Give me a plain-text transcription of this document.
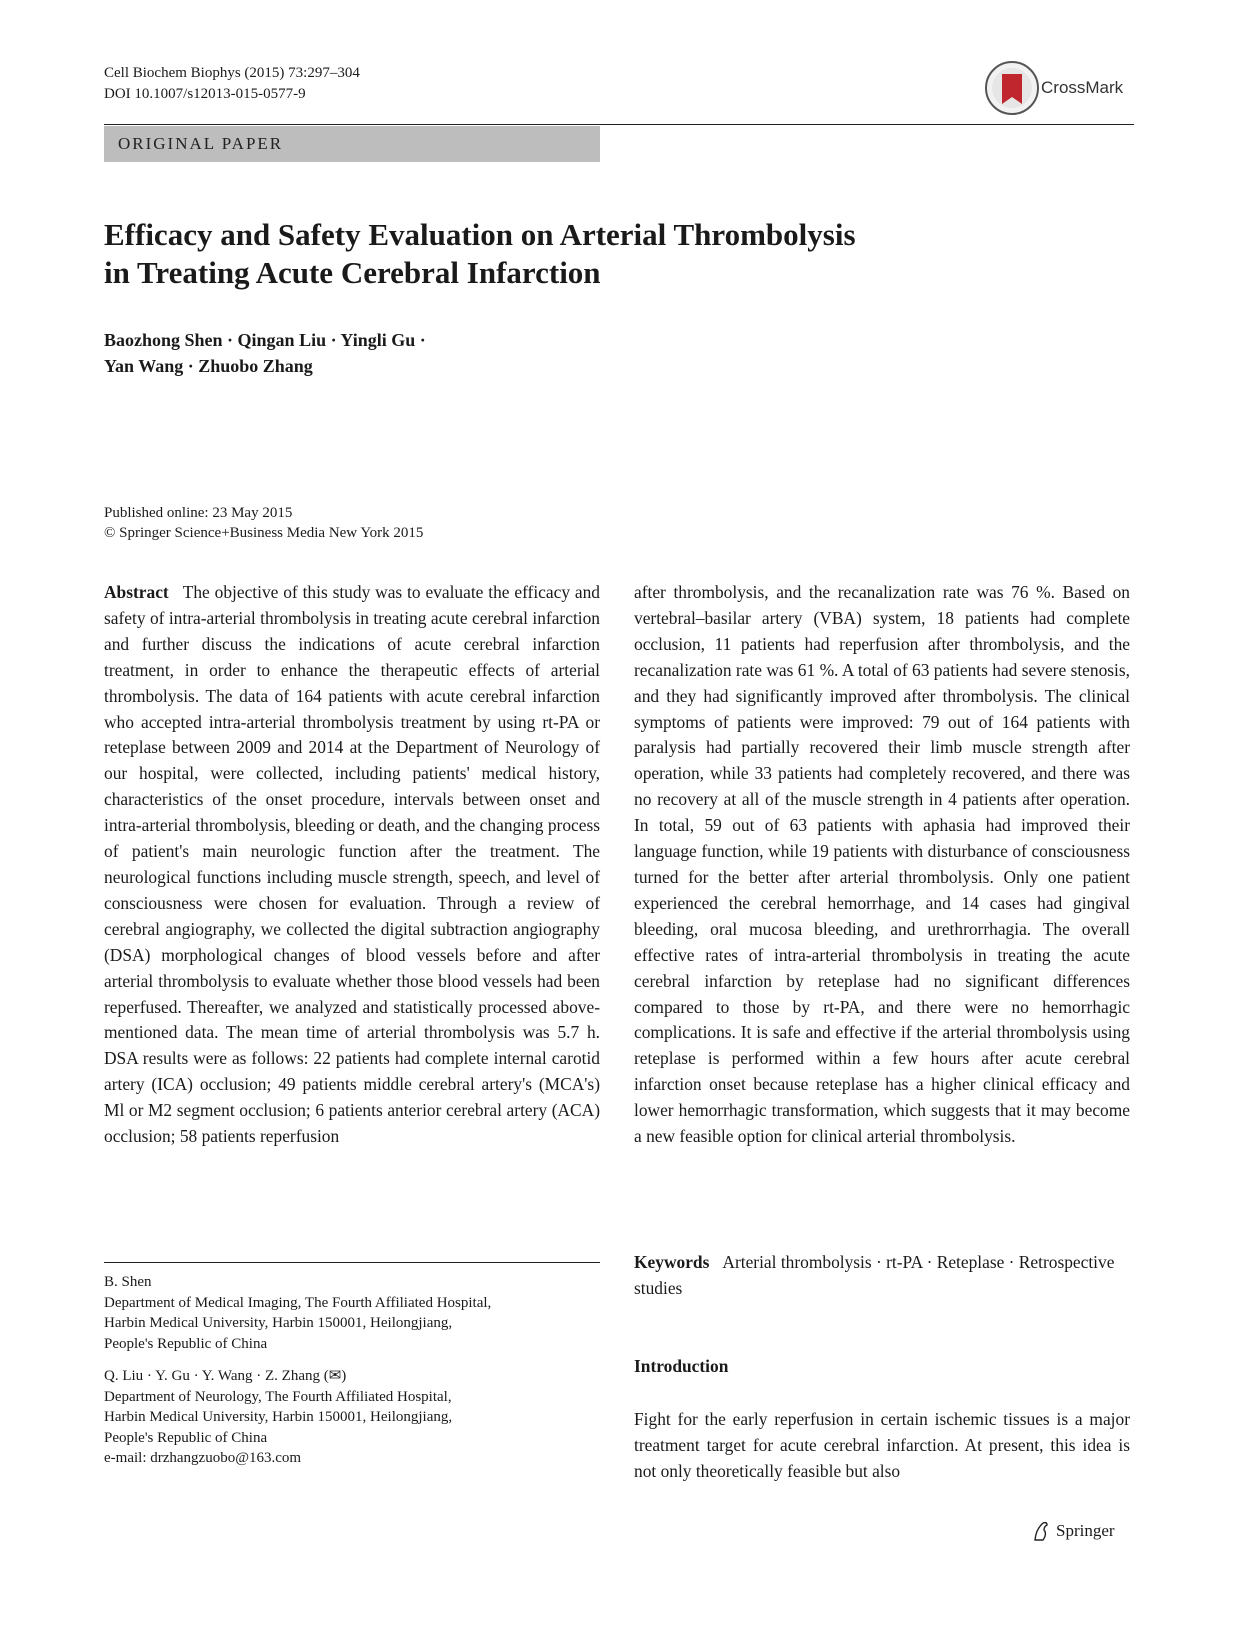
Cell Biochem Biophys (2015) 73:297–304
DOI 10.1007/s12013-015-0577-9	CrossMark
ORIGINAL PAPER
Efficacy and Safety Evaluation on Arterial Thrombolysis
in Treating Acute Cerebral Infarction
Baozhong Shen · Qingan Liu · Yingli Gu ·
Yan Wang · Zhuobo Zhang
Published online: 23 May 2015
© Springer Science+Business Media New York 2015
Abstract The objective of this study was to evaluate the efficacy and safety of intra-arterial thrombolysis in treating acute cerebral infarction and further discuss the indications of acute cerebral infarction treatment, in order to enhance the therapeutic effects of arterial thrombolysis. The data of 164 patients with acute cerebral infarction who accepted intra-arterial thrombolysis treatment by using rt-PA or reteplase between 2009 and 2014 at the Department of Neurology of our hospital, were collected, including patients' medical history, characteristics of the onset procedure, intervals between onset and intra-arterial thrombolysis, bleeding or death, and the changing process of patient's main neurologic function after the treatment. The neurological functions including muscle strength, speech, and level of consciousness were chosen for evaluation. Through a review of cerebral angiography, we collected the digital subtraction angiography (DSA) morphological changes of blood vessels before and after arterial thrombolysis to evaluate whether those blood vessels had been reperfused. Thereafter, we analyzed and statistically processed above-mentioned data. The mean time of arterial thrombolysis was 5.7 h. DSA results were as follows: 22 patients had complete internal carotid artery (ICA) occlusion; 49 patients middle cerebral artery's (MCA's) Ml or M2 segment occlusion; 6 patients anterior cerebral artery (ACA) occlusion; 58 patients reperfusion
after thrombolysis, and the recanalization rate was 76 %. Based on vertebral–basilar artery (VBA) system, 18 patients had complete occlusion, 11 patients had reperfusion after thrombolysis, and the recanalization rate was 61 %. A total of 63 patients had severe stenosis, and they had significantly improved after thrombolysis. The clinical symptoms of patients were improved: 79 out of 164 patients with paralysis had partially recovered their limb muscle strength after operation, while 33 patients had completely recovered, and there was no recovery at all of the muscle strength in 4 patients after operation. In total, 59 out of 63 patients with aphasia had improved their language function, while 19 patients with disturbance of consciousness turned for the better after arterial thrombolysis. Only one patient experienced the cerebral hemorrhage, and 14 cases had gingival bleeding, oral mucosa bleeding, and urethrorrhagia. The overall effective rates of intra-arterial thrombolysis in treating the acute cerebral infarction by reteplase had no significant differences compared to those by rt-PA, and there were no hemorrhagic complications. It is safe and effective if the arterial thrombolysis using reteplase is performed within a few hours after acute cerebral infarction onset because reteplase has a higher clinical efficacy and lower hemorrhagic transformation, which suggests that it may become a new feasible option for clinical arterial thrombolysis.

B. Shen
Department of Medical Imaging, The Fourth Affiliated Hospital,
Harbin Medical University, Harbin 150001, Heilongjiang,
People's Republic of China

Q. Liu · Y. Gu · Y. Wang · Z. Zhang (✉)
Department of Neurology, The Fourth Affiliated Hospital,
Harbin Medical University, Harbin 150001, Heilongjiang,
People's Republic of China
e-mail: drzhangzuobo@163.com

Keywords Arterial thrombolysis · rt-PA · Reteplase · Retrospective studies
Introduction
Fight for the early reperfusion in certain ischemic tissues is a major treatment target for acute cerebral infarction. At present, this idea is not only theoretically feasible but also
Springer
